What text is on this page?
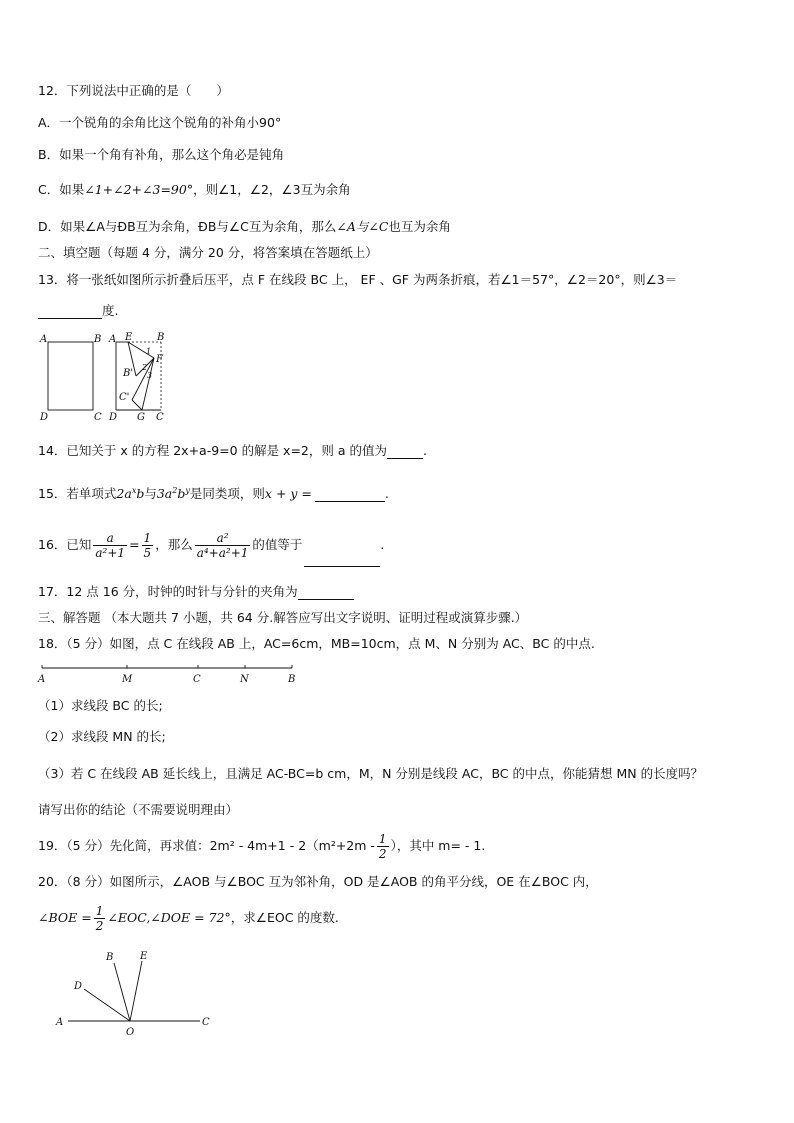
12．下列说法中正确的是（　　）
A．一个锐角的余角比这个锐角的补角小90°
B．如果一个角有补角，那么这个角必是钝角
C．如果∠1+∠2+∠3=90°，则∠1，∠2，∠3互为余角
D．如果∠A与ÐB互为余角，ÐB与∠C互为余角，那么∠A与∠C也互为余角
二、填空题（每题 4 分，满分 20 分，将答案填在答题纸上）
13．将一张纸如图所示折叠后压平，点 F 在线段 BC 上， EF 、GF 为两条折痕，若∠1＝57°，∠2＝20°，则∠3＝
度.
A	B
D	C
A E B
F
B'
C'
D G C
1
2
3
14．已知关于 x 的方程 2x+a-9=0 的解是 x=2，则 a 的值为	.
15．若单项式$2a^xb$与$3a^2b^y$是同类项，则x + y =	.
16．已知 $\frac{a}{\text{a²+1}} = \frac{1}{5}$ ，那么 $\frac{\text{a²}}{\text{a⁴+a²+1}}$ 的值等于	.
17．12 点 16 分，时钟的时针与分针的夹角为
三、解答题 （本大题共 7 小题，共 64 分.解答应写出文字说明、证明过程或演算步骤.）
18．（5 分）如图，点 C 在线段 AB 上，AC=6cm，MB=10cm，点 M、N 分别为 AC、BC 的中点.
A	M	C	N	B
（1）求线段 BC 的长;
（2）求线段 MN 的长;
（3）若 C 在线段 AB 延长线上，且满足 AC-BC=b cm，M，N 分别是线段 AC，BC 的中点，你能猜想 MN 的长度吗？
请写出你的结论（不需要说明理由）
19．（5 分）先化简，再求值：$2m^2 - 4m+1 - 2(m^2+2m - \frac{1}{2}$ ），其中 m= - 1.
20．（8 分）如图所示，∠AOB 与∠BOC 互为邻补角，OD 是∠AOB 的角平分线，OE 在∠BOC 内，
∠BOE = $\frac{1}{2}$ ∠EOC,∠DOE = 72°，求∠EOC 的度数.
B	E
D
A
O
C
